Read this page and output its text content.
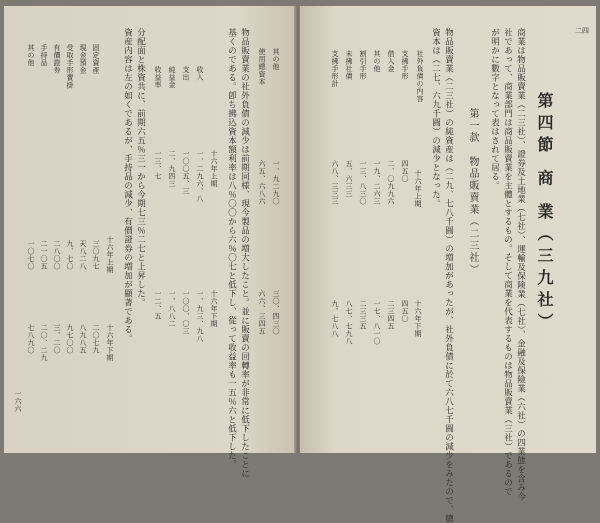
二四
第四節 商 業（三九社）
商業は物品販賣業（二三社）、證券及土地業（七社）、運輸及保険業（七社）、金融及保險業（六社）の四業態を含み今
社であって、商業部門は商品販賣業を主體とするもの。そして商業を代表するものは物品販賣業（三社）であるので
が明かに數字となって表はされて居る。
第一款　物品販賣業（二三社）
物品販賣業（二三社）の純資産は（二九、七八千圓）の増加があったが、社外負債に於て六八七千圓の減少をみたので、總
資本は（二七、六九千圓）の減少となった。
社外負債の内容
十六年上期
十六年下期
支拂手形
四五〇
四五〇
借入金
二、〇九九六
二三四五
其の他
一九、二六三
一七、八一〇
割引手形
一三、八三〇
二三三五
未拂社債
五、六三三
八七、七九八
支拂手形計
六八、三三三
九、七八八
其の他
一、九二九〇
三〇、四三〇
使用總資本
六五、六八六
六六、三四五
物品販賣業の社外負債の減少は前期同様、現今製品の増大したこと。並に販賣の回轉率が非常に低下したことに
基くのである。卽ち拂込資本額利率は八％〇〇から六％〇七と低下し、從って收益率も一五％六と低下した。
十六年上期
十六年下期
收入
一、二九六、八
一、九三、九八
支出
一〇〇五、三
一〇〇、〇三
純益金
二、九四三
一、八八二
收益率
一三、七
一二、五
分配面と株資共に、前期六五％三一から今期七三％二七と上昇した。
資産内容は左の如くであるが、手持品の減少、有價證券の増加が顯著である。
十六年上期
十六年下期
固定資產
三〇九七
二〇七九
現金預金
天八二八
八九八五
受取手形賣掛
九、七〇
九七〇〇
有價證券
二八〇〇
三、二〇
手持品
二一〇五
二〇、二九
其の他
一〇七〇
七八九〇
一六六
